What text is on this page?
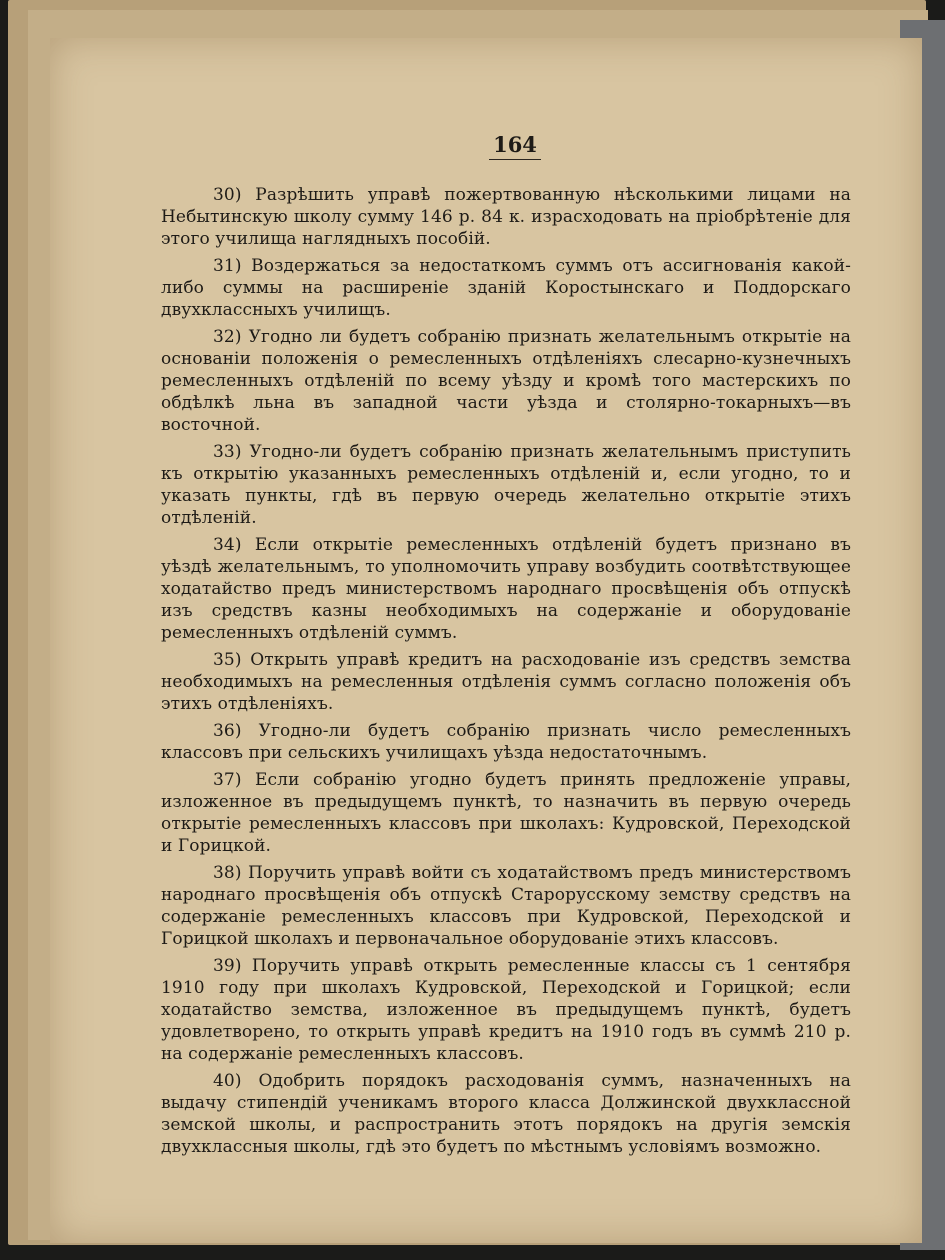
164

30) Разрѣшить управѣ пожертвованную нѣсколькими лицами на Небытинскую школу сумму 146 р. 84 к. израсходовать на пріобрѣтеніе для этого училища наглядныхъ пособій.

31) Воздержаться за недостаткомъ суммъ отъ ассигнованія какой-либо суммы на расширеніе зданій Коростынскаго и Поддорскаго двухклассныхъ училищъ.

32) Угодно ли будетъ собранію признать желательнымъ открытіе на основаніи положенія о ремесленныхъ отдѣленіяхъ слесарно-кузнечныхъ ремесленныхъ отдѣленій по всему уѣзду и кромѣ того мастерскихъ по обдѣлкѣ льна въ западной части уѣзда и столярно-токарныхъ—въ восточной.

33) Угодно-ли будетъ собранію признать желательнымъ приступить къ открытію указанныхъ ремесленныхъ отдѣленій и, если угодно, то и указать пункты, гдѣ въ первую очередь желательно открытіе этихъ отдѣленій.

34) Если открытіе ремесленныхъ отдѣленій будетъ признано въ уѣздѣ желательнымъ, то уполномочить управу возбудить соотвѣтствующее ходатайство предъ министерствомъ народнаго просвѣщенія объ отпускѣ изъ средствъ казны необходимыхъ на содержаніе и оборудованіе ремесленныхъ отдѣленій суммъ.

35) Открыть управѣ кредитъ на расходованіе изъ средствъ земства необходимыхъ на ремесленныя отдѣленія суммъ согласно положенія объ этихъ отдѣленіяхъ.

36) Угодно-ли будетъ собранію признать число ремесленныхъ классовъ при сельскихъ училищахъ уѣзда недостаточнымъ.

37) Если собранію угодно будетъ принять предложеніе управы, изложенное въ предыдущемъ пунктѣ, то назначить въ первую очередь открытіе ремесленныхъ классовъ при школахъ: Кудровской, Переходской и Горицкой.

38) Поручить управѣ войти съ ходатайствомъ предъ министерствомъ народнаго просвѣщенія объ отпускѣ Старорусскому земству средствъ на содержаніе ремесленныхъ классовъ при Кудровской, Переходской и Горицкой школахъ и первоначальное оборудованіе этихъ классовъ.

39) Поручить управѣ открыть ремесленные классы съ 1 сентября 1910 году при школахъ Кудровской, Переходской и Горицкой; если ходатайство земства, изложенное въ предыдущемъ пунктѣ, будетъ удовлетворено, то открыть управѣ кредитъ на 1910 годъ въ суммѣ 210 р. на содержаніе ремесленныхъ классовъ.

40) Одобрить порядокъ расходованія суммъ, назначенныхъ на выдачу стипендій ученикамъ второго класса Должинской двухклассной земской школы, и распространить этотъ порядокъ на другія земскія двухклассныя школы, гдѣ это будетъ по мѣстнымъ условіямъ возможно.
